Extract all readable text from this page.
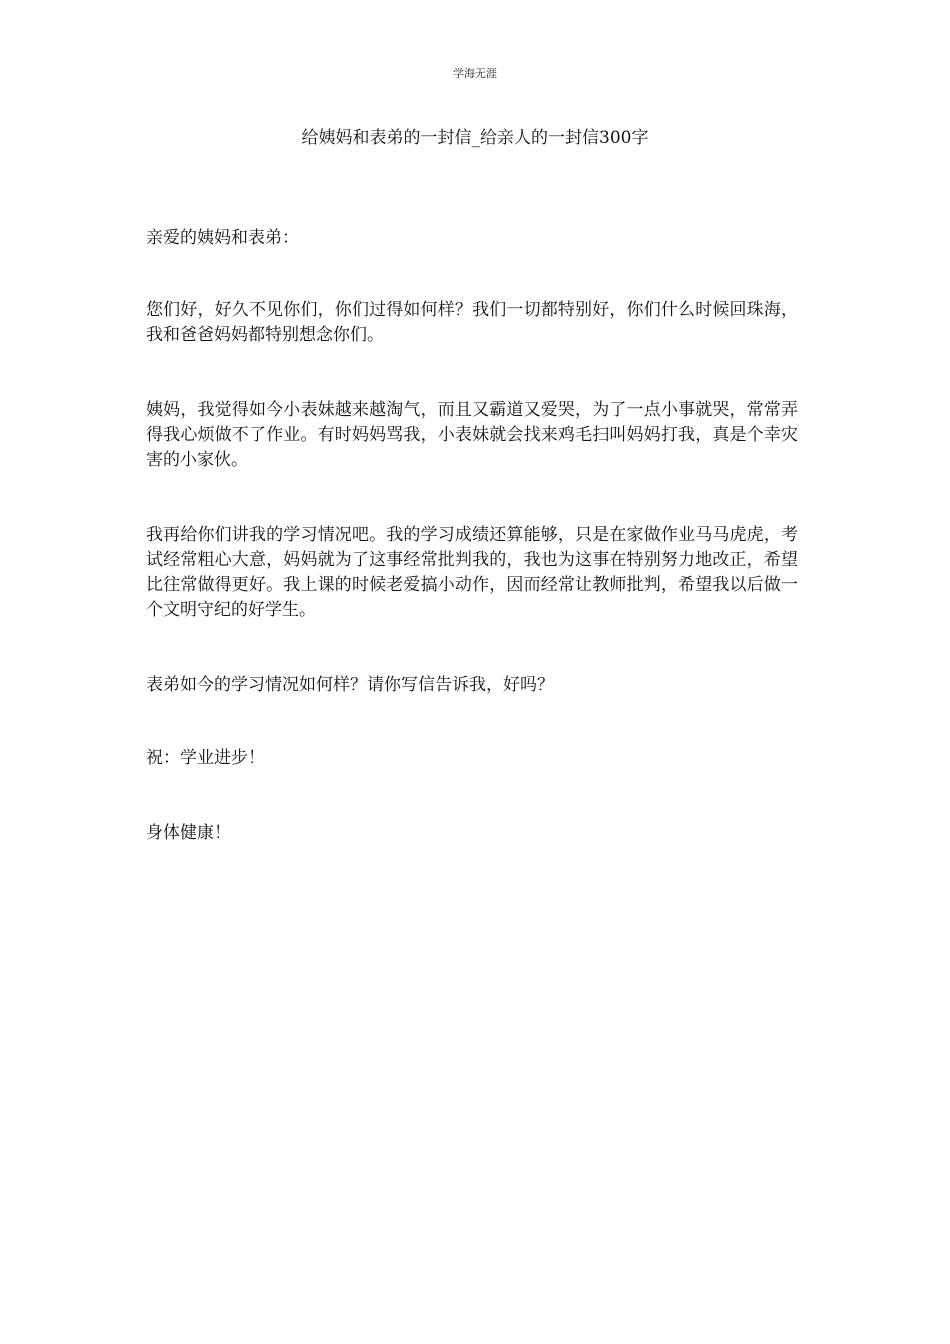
学海无涯
给姨妈和表弟的一封信_给亲人的一封信300字

亲爱的姨妈和表弟：

您们好，好久不见你们，你们过得如何样？我们一切都特别好，你们什么时候回珠海，我和爸爸妈妈都特别想念你们。

姨妈，我觉得如今小表妹越来越淘气，而且又霸道又爱哭，为了一点小事就哭，常常弄得我心烦做不了作业。有时妈妈骂我，小表妹就会找来鸡毛扫叫妈妈打我，真是个幸灾害的小家伙。

我再给你们讲我的学习情况吧。我的学习成绩还算能够，只是在家做作业马马虎虎，考试经常粗心大意，妈妈就为了这事经常批判我的，我也为这事在特别努力地改正，希望比往常做得更好。我上课的时候老爱搞小动作，因而经常让教师批判，希望我以后做一个文明守纪的好学生。

表弟如今的学习情况如何样？请你写信告诉我，好吗？

祝：学业进步！

身体健康！
